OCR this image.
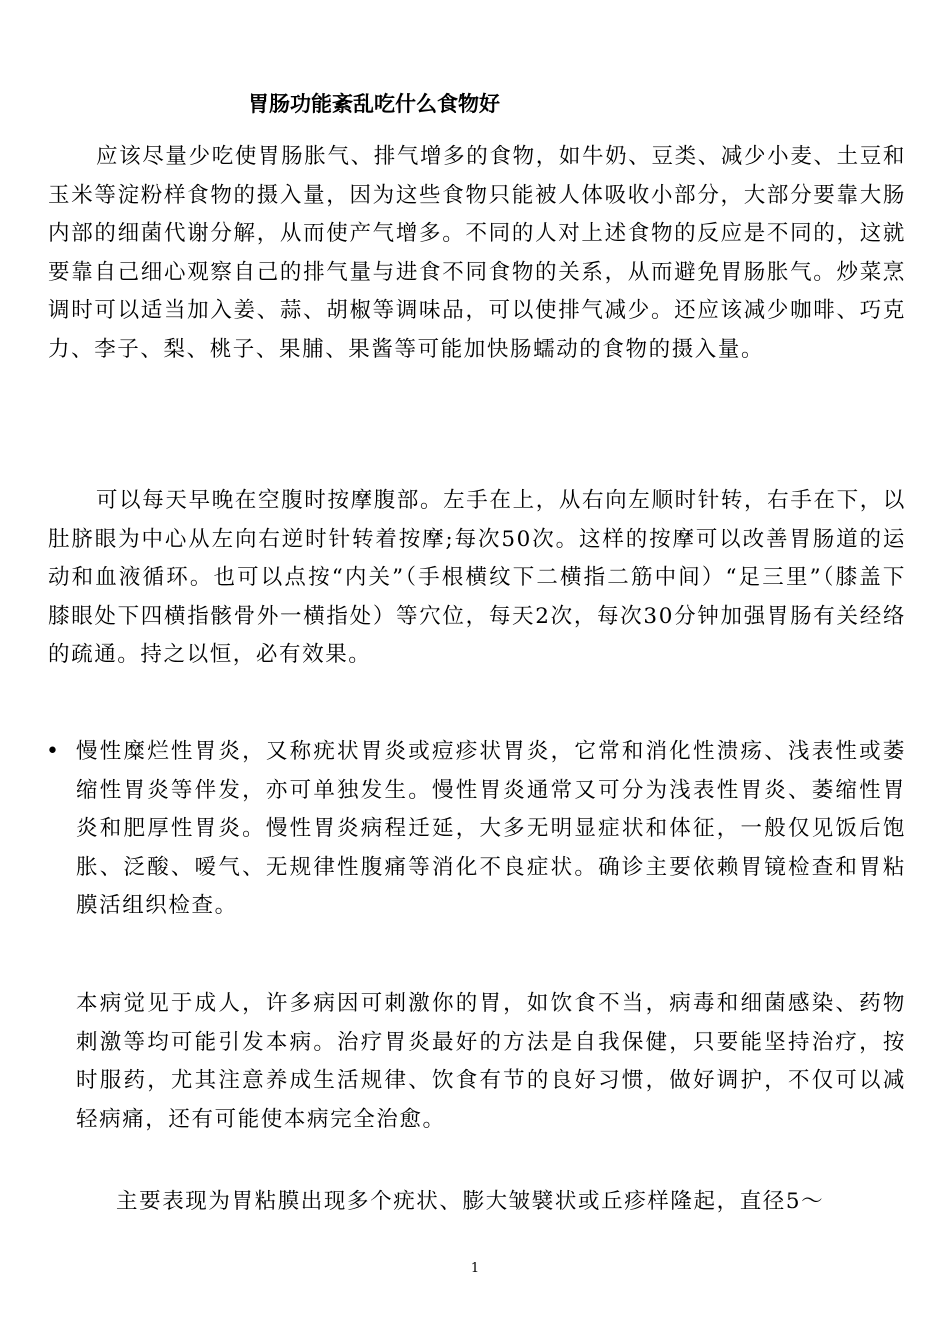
胃肠功能紊乱吃什么食物好
应该尽量少吃使胃肠胀气、排气增多的食物，如牛奶、豆类、减少小麦、土豆和玉米等淀粉样食物的摄入量，因为这些食物只能被人体吸收小部分，大部分要靠大肠内部的细菌代谢分解，从而使产气增多。不同的人对上述食物的反应是不同的，这就要靠自己细心观察自己的排气量与进食不同食物的关系，从而避免胃肠胀气。炒菜烹调时可以适当加入姜、蒜、胡椒等调味品，可以使排气减少。还应该减少咖啡、巧克力、李子、梨、桃子、果脯、果酱等可能加快肠蠕动的食物的摄入量。
可以每天早晚在空腹时按摩腹部。左手在上，从右向左顺时针转，右手在下，以肚脐眼为中心从左向右逆时针转着按摩;每次50次。这样的按摩可以改善胃肠道的运动和血液循环。也可以点按“内关”（手根横纹下二横指二筋中间）“足三里”（膝盖下膝眼处下四横指骸骨外一横指处）等穴位，每天2次，每次30分钟加强胃肠有关经络的疏通。持之以恒，必有效果。
• 慢性糜烂性胃炎，又称疣状胃炎或痘疹状胃炎，它常和消化性溃疡、浅表性或萎缩性胃炎等伴发，亦可单独发生。慢性胃炎通常又可分为浅表性胃炎、萎缩性胃炎和肥厚性胃炎。慢性胃炎病程迁延，大多无明显症状和体征，一般仅见饭后饱胀、泛酸、嗳气、无规律性腹痛等消化不良症状。确诊主要依赖胃镜检查和胃粘膜活组织检查。
本病觉见于成人，许多病因可刺激你的胃，如饮食不当，病毒和细菌感染、药物刺激等均可能引发本病。治疗胃炎最好的方法是自我保健，只要能坚持治疗，按时服药，尤其注意养成生活规律、饮食有节的良好习惯，做好调护，不仅可以减轻病痛，还有可能使本病完全治愈。
主要表现为胃粘膜出现多个疣状、膨大皱襞状或丘疹样隆起，直径5～
1
